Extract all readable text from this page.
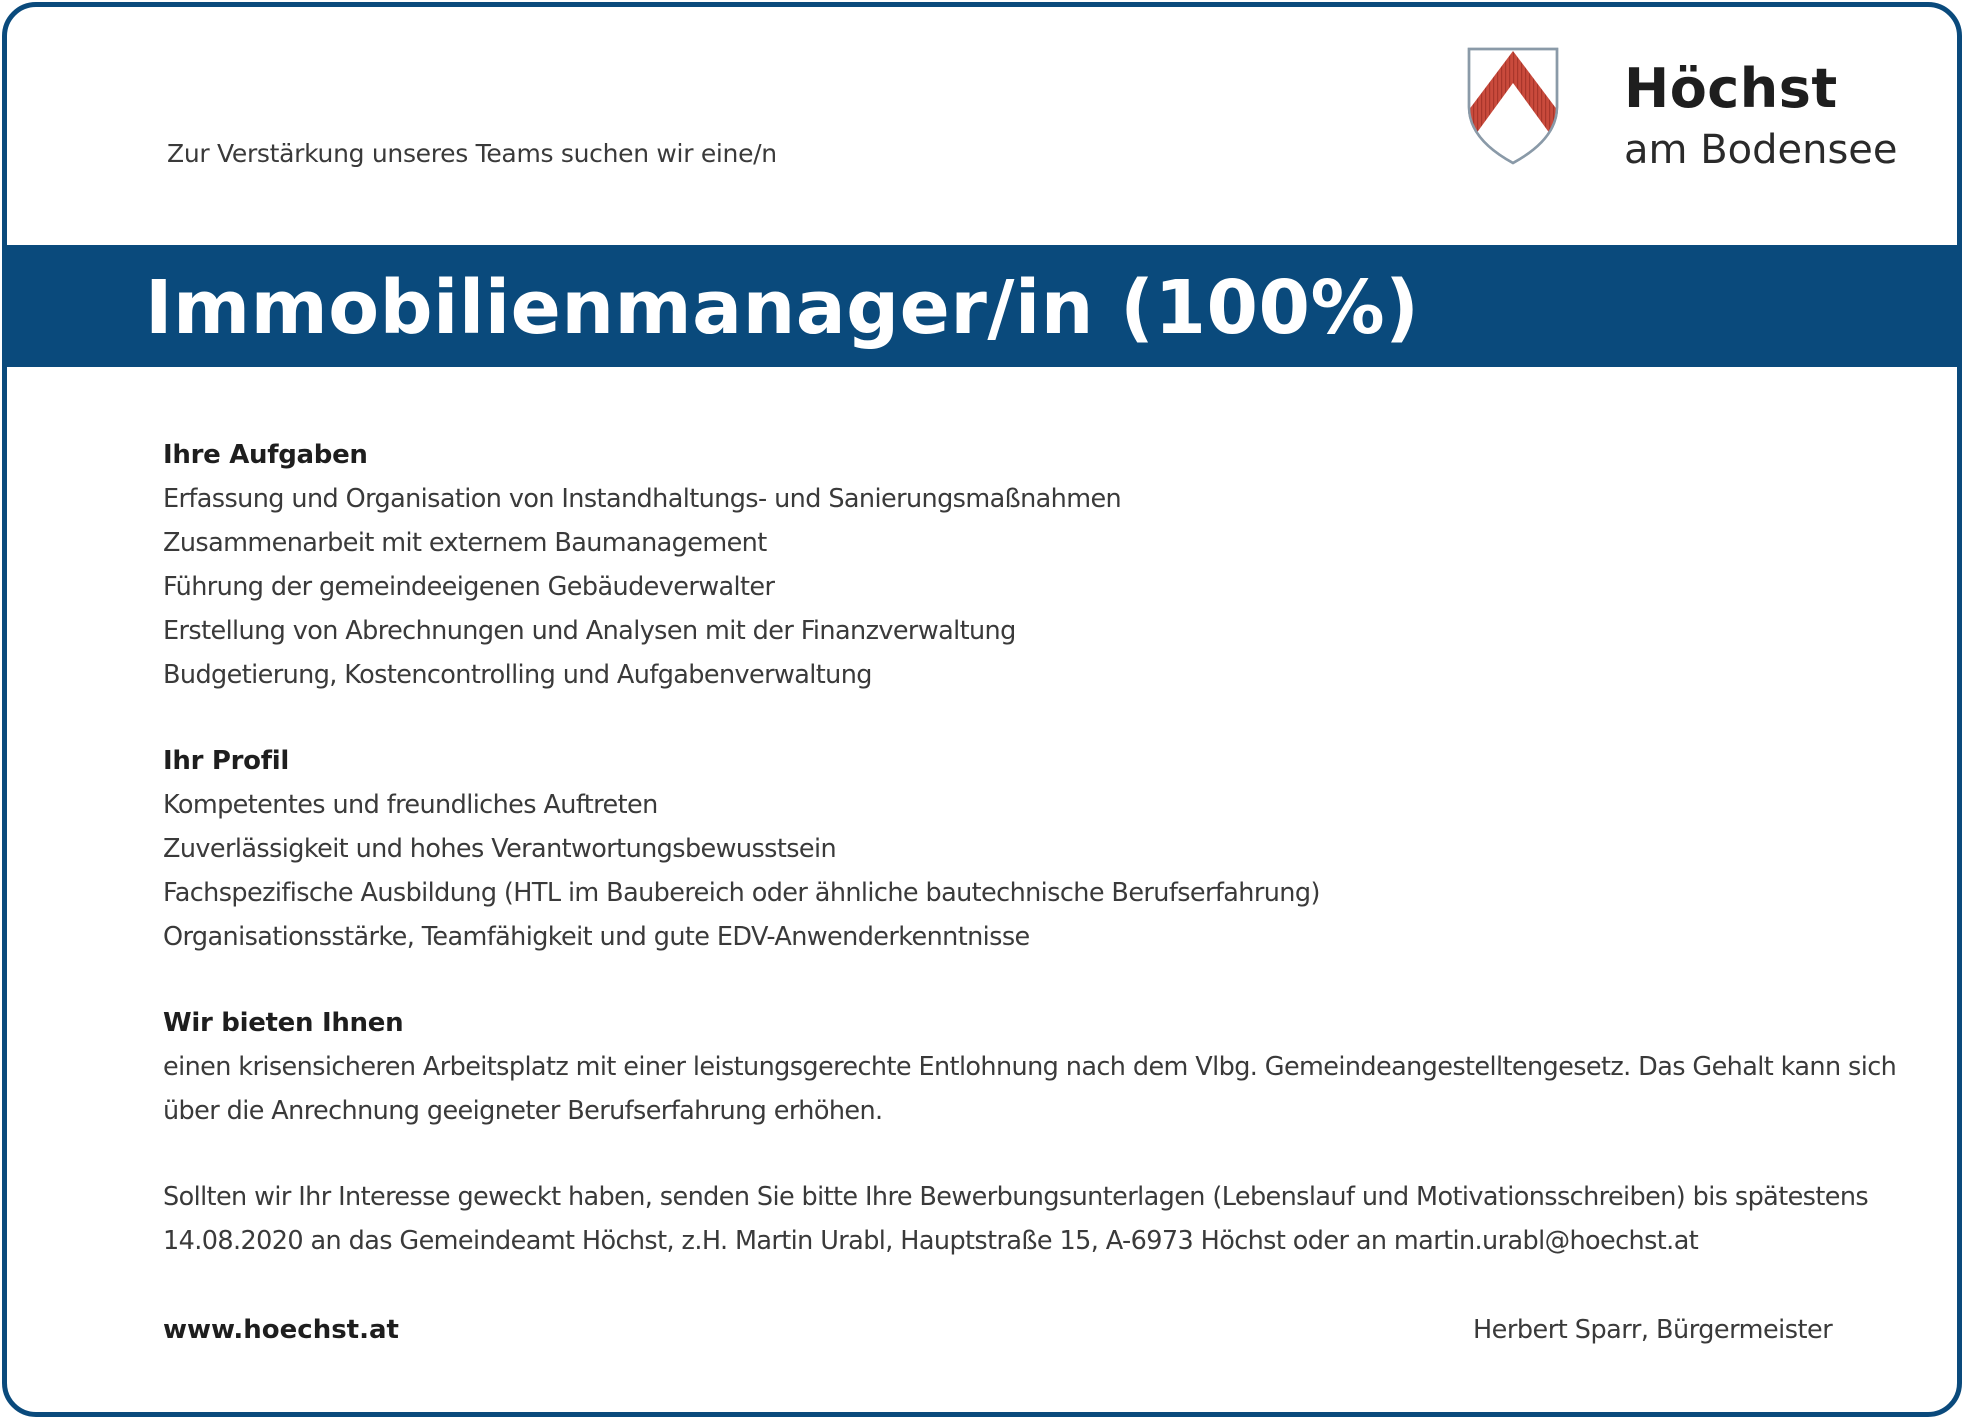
Zur Verstärkung unseres Teams suchen wir eine/n
Höchst
am Bodensee
Immobilienmanager/in (100%)
Ihre Aufgaben
Erfassung und Organisation von Instandhaltungs- und Sanierungsmaßnahmen
Zusammenarbeit mit externem Baumanagement
Führung der gemeindeeigenen Gebäudeverwalter
Erstellung von Abrechnungen und Analysen mit der Finanzverwaltung
Budgetierung, Kostencontrolling und Aufgabenverwaltung
Ihr Profil
Kompetentes und freundliches Auftreten
Zuverlässigkeit und hohes Verantwortungsbewusstsein
Fachspezifische Ausbildung (HTL im Baubereich oder ähnliche bautechnische Berufserfahrung)
Organisationsstärke, Teamfähigkeit und gute EDV-Anwenderkenntnisse
Wir bieten Ihnen
einen krisensicheren Arbeitsplatz mit einer leistungsgerechte Entlohnung nach dem Vlbg. Gemeindeangestelltengesetz. Das Gehalt kann sich über die Anrechnung geeigneter Berufserfahrung erhöhen.
Sollten wir Ihr Interesse geweckt haben, senden Sie bitte Ihre Bewerbungsunterlagen (Lebenslauf und Motivationsschreiben) bis spätestens 14.08.2020 an das Gemeindeamt Höchst, z.H. Martin Urabl, Hauptstraße 15, A-6973 Höchst oder an martin.urabl@hoechst.at
www.hoechst.at	Herbert Sparr, Bürgermeister
